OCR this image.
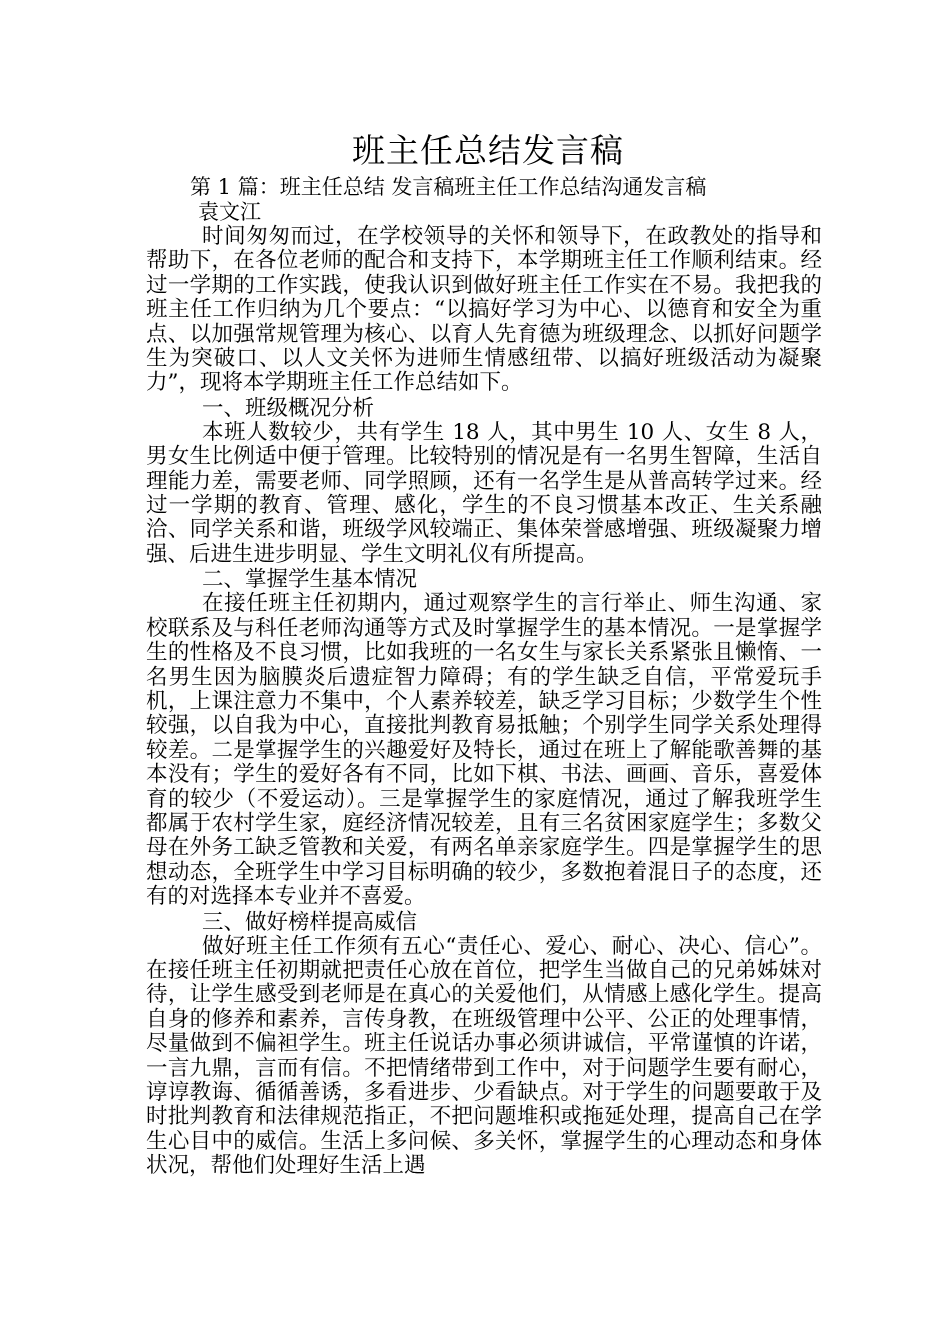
班主任总结发言稿

第 1 篇：班主任总结 发言稿班主任工作总结沟通发言稿

袁文江

时间匆匆而过，在学校领导的关怀和领导下，在政教处的指导和帮助下，在各位老师的配合和支持下，本学期班主任工作顺利结束。经过一学期的工作实践，使我认识到做好班主任工作实在不易。我把我的班主任工作归纳为几个要点：“以搞好学习为中心、以德育和安全为重点、以加强常规管理为核心、以育人先育德为班级理念、以抓好问题学生为突破口、以人文关怀为进师生情感纽带、以搞好班级活动为凝聚力”，现将本学期班主任工作总结如下。

一、班级概况分析

本班人数较少，共有学生 18 人，其中男生 10 人、女生 8 人，男女生比例适中便于管理。比较特别的情况是有一名男生智障，生活自理能力差，需要老师、同学照顾，还有一名学生是从普高转学过来。经过一学期的教育、管理、感化，学生的不良习惯基本改正、生关系融洽、同学关系和谐，班级学风较端正、集体荣誉感增强、班级凝聚力增强、后进生进步明显、学生文明礼仪有所提高。

二、掌握学生基本情况

在接任班主任初期内，通过观察学生的言行举止、师生沟通、家校联系及与科任老师沟通等方式及时掌握学生的基本情况。一是掌握学生的性格及不良习惯，比如我班的一名女生与家长关系紧张且懒惰、一名男生因为脑膜炎后遗症智力障碍；有的学生缺乏自信，平常爱玩手机，上课注意力不集中，个人素养较差，缺乏学习目标；少数学生个性较强，以自我为中心，直接批判教育易抵触；个别学生同学关系处理得较差。二是掌握学生的兴趣爱好及特长，通过在班上了解能歌善舞的基本没有；学生的爱好各有不同，比如下棋、书法、画画、音乐，喜爱体育的较少（不爱运动）。三是掌握学生的家庭情况，通过了解我班学生都属于农村学生家，庭经济情况较差，且有三名贫困家庭学生；多数父母在外务工缺乏管教和关爱，有两名单亲家庭学生。四是掌握学生的思想动态，全班学生中学习目标明确的较少，多数抱着混日子的态度，还有的对选择本专业并不喜爱。

三、做好榜样提高威信

做好班主任工作须有五心“责任心、爱心、耐心、决心、信心”。在接任班主任初期就把责任心放在首位，把学生当做自己的兄弟姊妹对待，让学生感受到老师是在真心的关爱他们，从情感上感化学生。提高自身的修养和素养，言传身教，在班级管理中公平、公正的处理事情，尽量做到不偏袒学生。班主任说话办事必须讲诚信，平常谨慎的许诺，一言九鼎，言而有信。不把情绪带到工作中，对于问题学生要有耐心，谆谆教诲、循循善诱，多看进步、少看缺点。对于学生的问题要敢于及时批判教育和法律规范指正，不把问题堆积或拖延处理，提高自己在学生心目中的威信。生活上多问候、多关怀，掌握学生的心理动态和身体状况，帮他们处理好生活上遇
